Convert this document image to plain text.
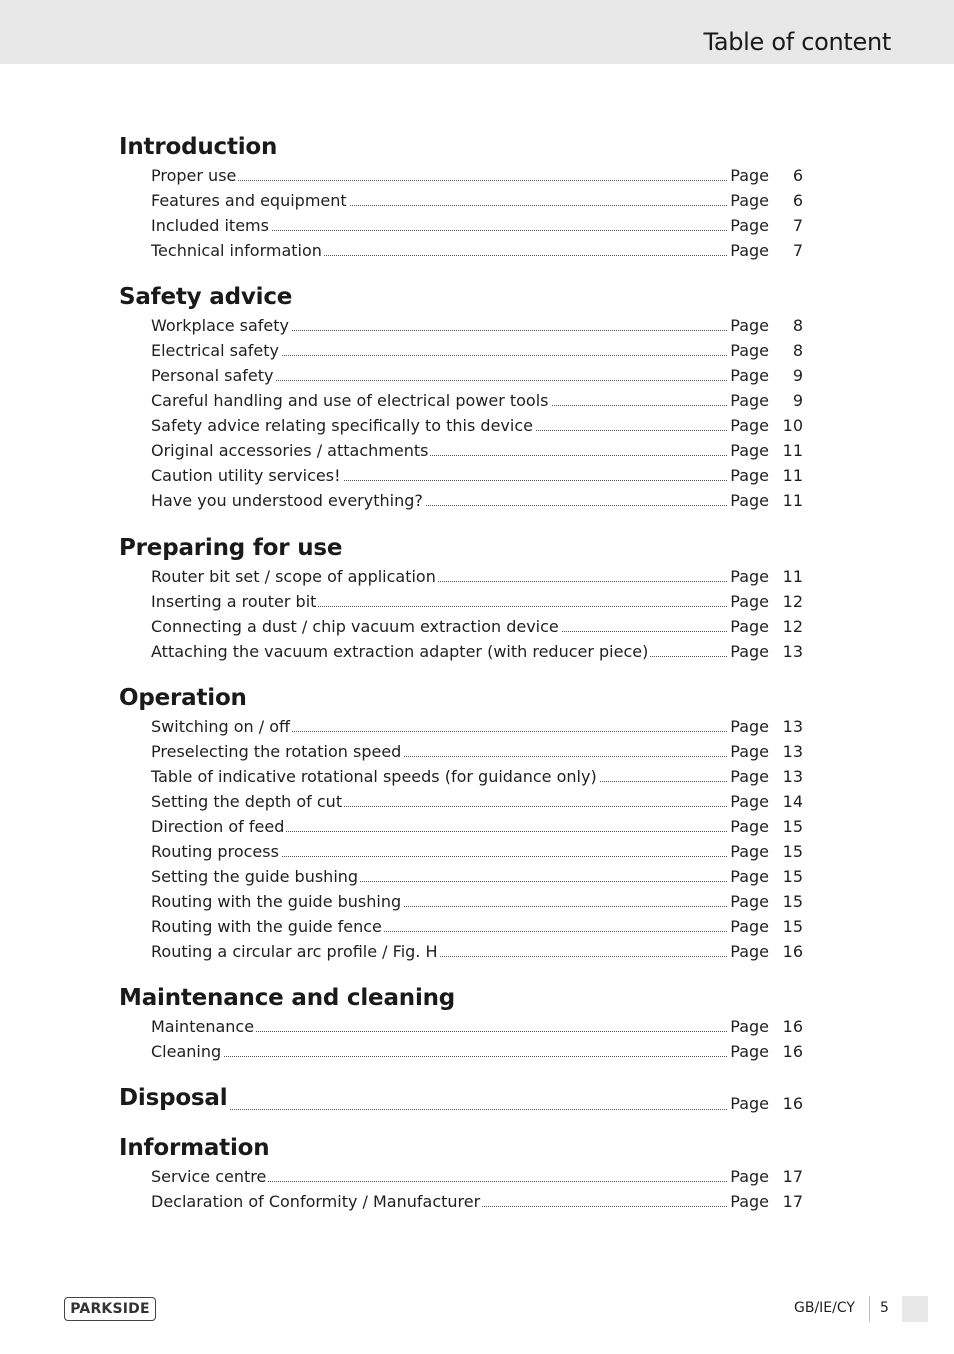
Table of content
Introduction
Proper use	Page	6
Features and equipment	Page	6
Included items	Page	7
Technical information	Page	7
Safety advice
Workplace safety	Page	8
Electrical safety	Page	8
Personal safety	Page	9
Careful handling and use of electrical power tools	Page	9
Safety advice relating specifically to this device	Page 10
Original accessories / attachments	Page 11
Caution utility services!	Page 11
Have you understood everything?	Page 11
Preparing for use
Router bit set / scope of application	Page 11
Inserting a router bit	Page 12
Connecting a dust / chip vacuum extraction device	Page 12
Attaching the vacuum extraction adapter (with reducer piece)	Page 13
Operation
Switching on / off	Page 13
Preselecting the rotation speed	Page 13
Table of indicative rotational speeds (for guidance only)	Page 13
Setting the depth of cut	Page 14
Direction of feed	Page 15
Routing process	Page 15
Setting the guide bushing	Page 15
Routing with the guide bushing	Page 15
Routing with the guide fence	Page 15
Routing a circular arc profile / Fig. H	Page 16
Maintenance and cleaning
Maintenance	Page 16
Cleaning	Page 16
Disposal	Page 16
Information
Service centre	Page 17
Declaration of Conformity / Manufacturer	Page 17
PARKSIDE	GB/IE/CY 5
